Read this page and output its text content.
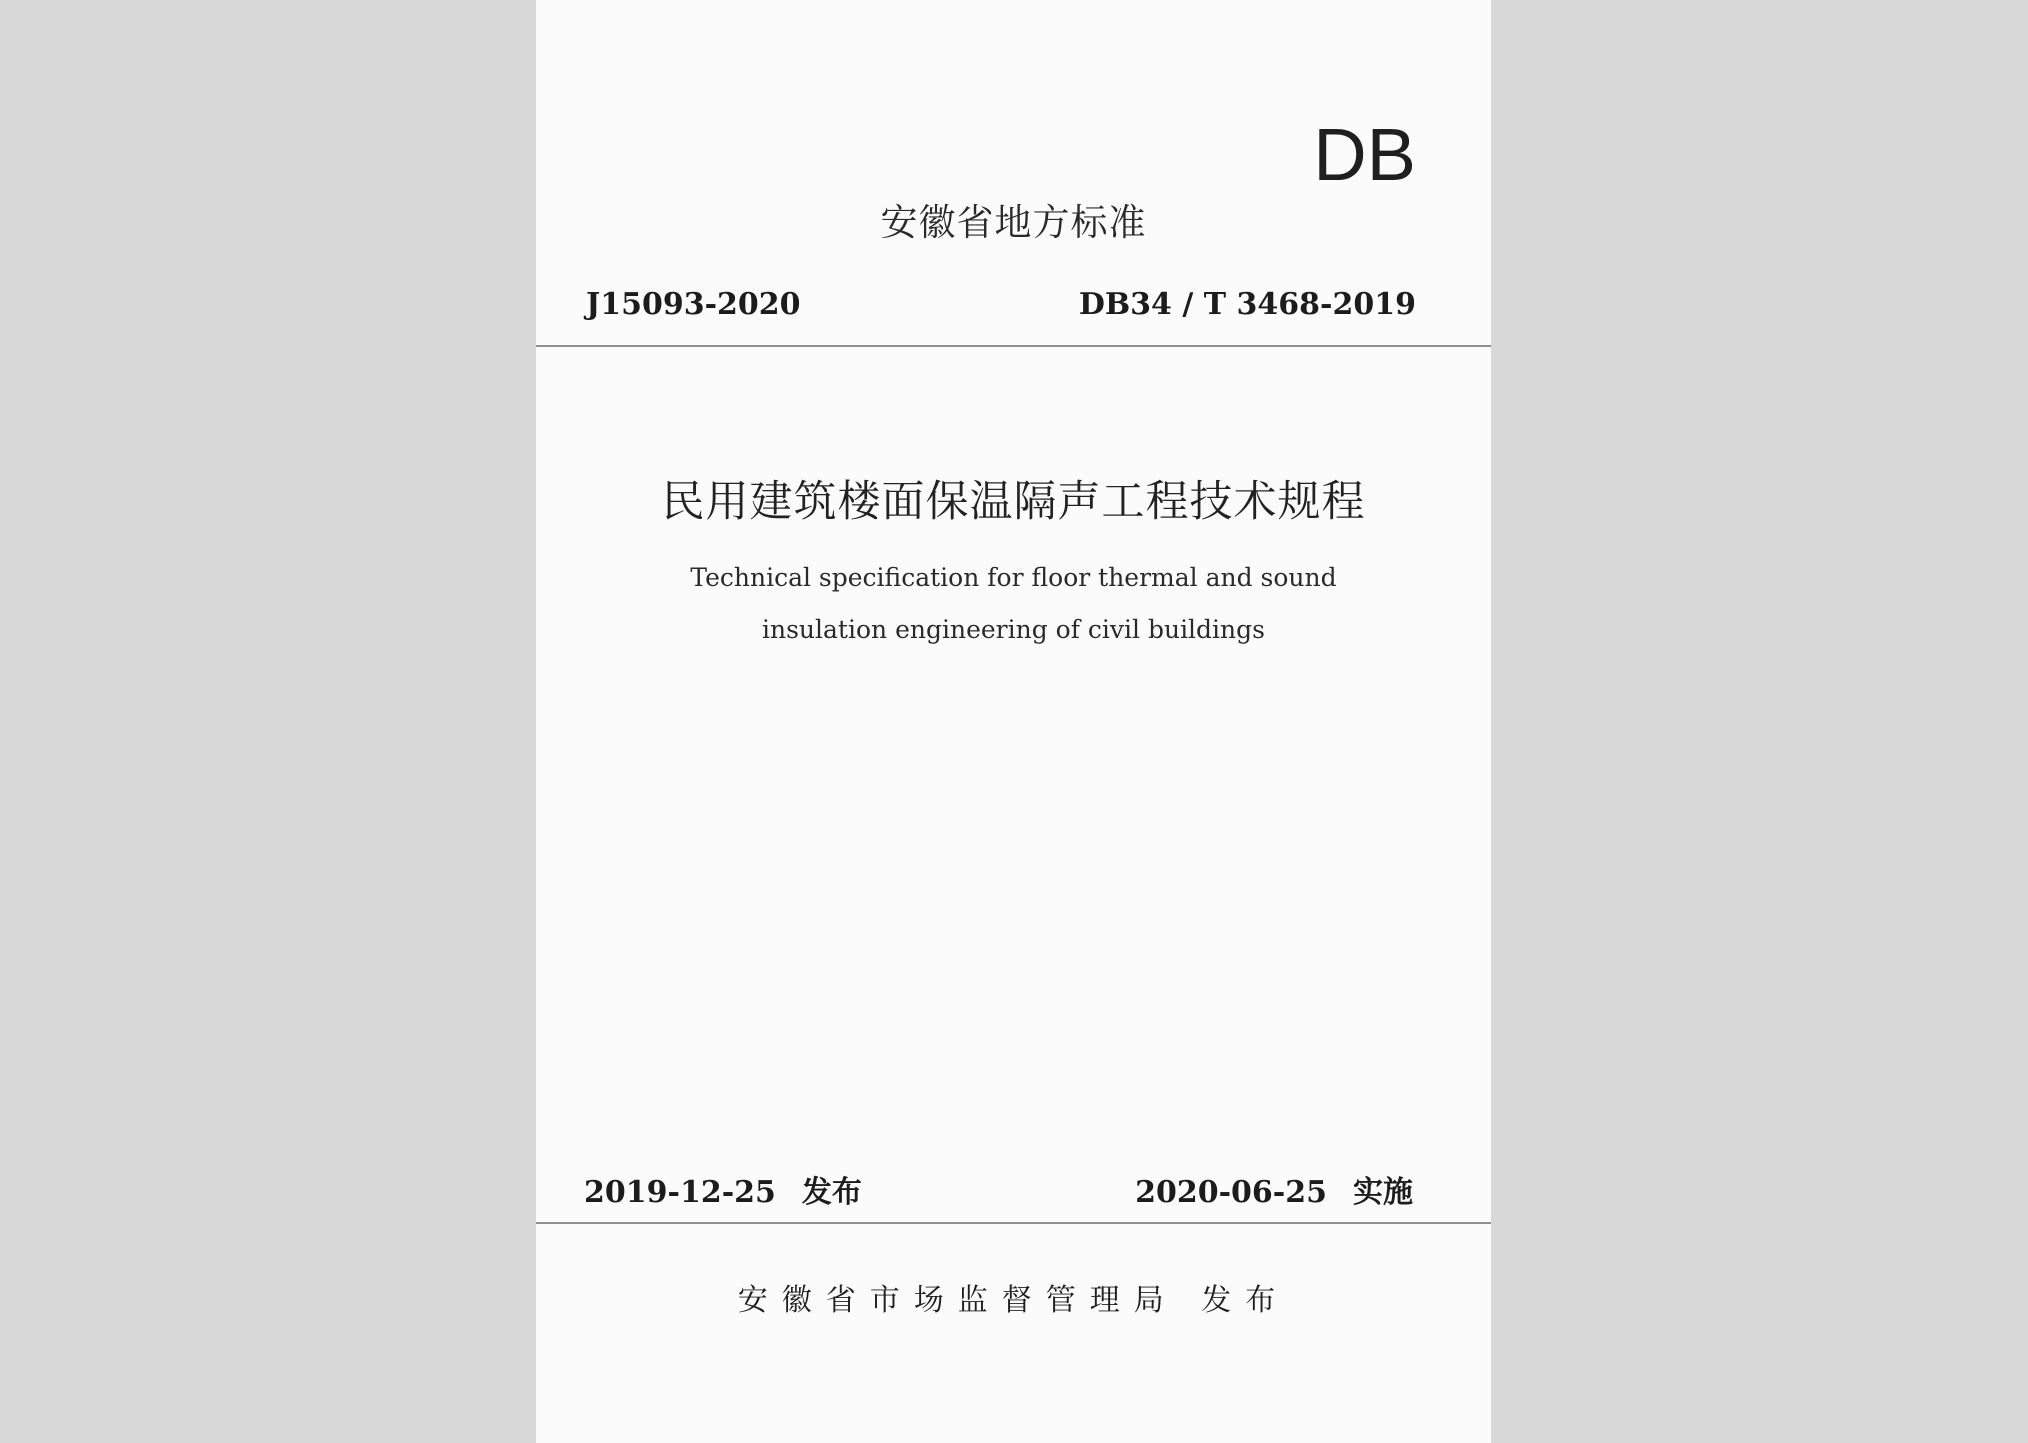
DB
安徽省地方标准
J15093-2020	DB34 / T 3468-2019
民用建筑楼面保温隔声工程技术规程
Technical specification for floor thermal and sound
insulation engineering of civil buildings
2019-12-25 发布	2020-06-25 实施
安徽省市场监督管理局 发布
